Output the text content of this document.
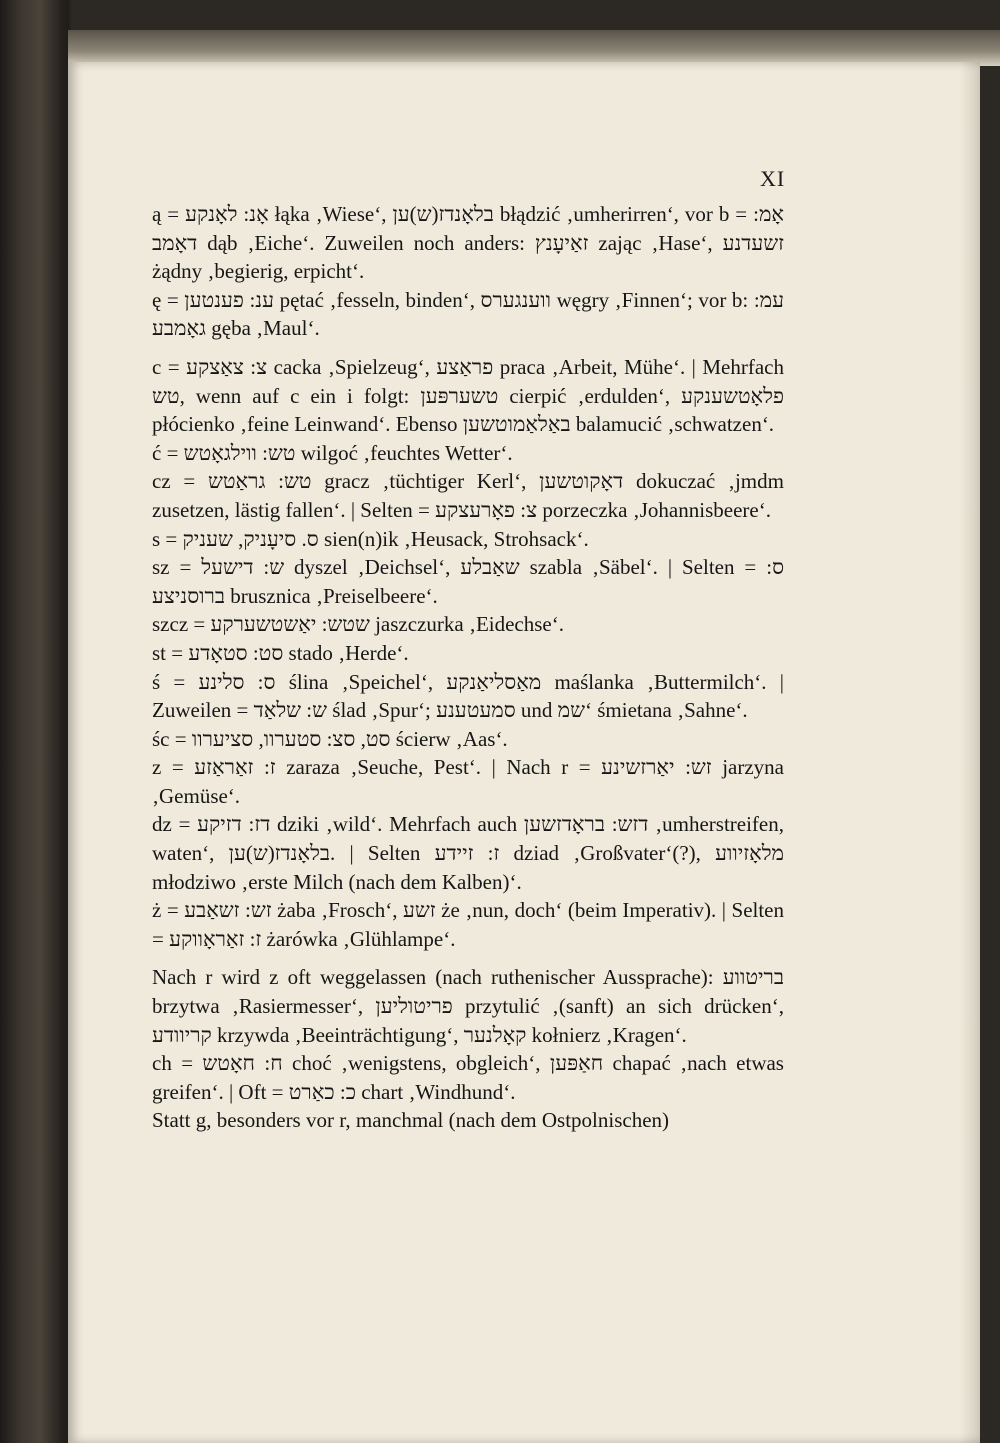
XI

ą = אָנ: לאָנקע łąka ‚Wiese‘, בלאָנדז(ש)ען błądzić ‚umherirren‘, vor b = אָמ: דאָמב dąb ‚Eiche‘. Zuweilen noch anders: זאַיעָנץ zając ‚Hase‘, זשעדנע żądny ‚begierig, erpicht‘.

ę = ענ: פענטען pętać ‚fesseln, binden‘, ווענגערס węgry ‚Finnen‘; vor b: עמ: גאָמבע gęba ‚Maul‘.

c = צ: צאַצקע cacka ‚Spielzeug‘, פראַצע praca ‚Arbeit, Mühe‘. | Mehrfach טש, wenn auf c ein i folgt: טשערפּען cierpić ‚erdulden‘, פלאָטשענקע płócienko ‚feine Leinwand‘. Ebenso באַלאַמוטשען balamucić ‚schwatzen‘.

ć = טש: ווילגאָטש wilgoć ‚feuchtes Wetter‘.

cz = טש: גראַטש gracz ‚tüchtiger Kerl‘, דאָקוטשען dokuczać ‚jmdm zusetzen, lästig fallen‘. | Selten = צ: פאָרעצקע porzeczka ‚Johannisbeere‘.

s = ס. סיעָניק, שעניק sien(n)ik ‚Heusack, Strohsack‘.

sz = ש: דישעל dyszel ‚Deichsel‘, שאַבלע szabla ‚Säbel‘. | Selten = ס: ברוסניצע brusznica ‚Preiselbeere‘.

szcz = שטש: יאַשטשערקע jaszczurka ‚Eidechse‘.

st = סט: סטאָדע stado ‚Herde‘.

ś = ס: סלינע ślina ‚Speichel‘, מאַסליאַנקע maślanka ‚Buttermilch‘. | Zuweilen = ש: שלאַד ślad ‚Spur‘; סמעטענע und שמ‘ śmietana ‚Sahne‘.

śc = סט, סצ: סטערוו, סציערוו ścierw ‚Aas‘.

z = ז: זאַראַזע zaraza ‚Seuche, Pest‘. | Nach r = זש: יאַרזשינע jarzyna ‚Gemüse‘.

dz = דז: דזיקע dziki ‚wild‘. Mehrfach auch דזש: בראָדזשען ‚umherstreifen, waten‘, בלאָנדז(ש)ען. | Selten ז: זיידע dziad ‚Großvater‘(?), מלאָזיווע młodziwo ‚erste Milch (nach dem Kalben)‘.

ż = זש: זשאַבע żaba ‚Frosch‘, זשע że ‚nun, doch‘ (beim Imperativ). | Selten = ז: זאַראָווקע żarówka ‚Glühlampe‘.

Nach r wird z oft weggelassen (nach ruthenischer Aussprache): בריטווע brzytwa ‚Rasiermesser‘, פריטוליען przytulić ‚(sanft) an sich drücken‘, קריוודע krzywda ‚Beeinträchtigung‘, קאָלנער kołnierz ‚Kragen‘.

ch = ח: חאָטש choć ‚wenigstens, obgleich‘, חאַפּען chapać ‚nach etwas greifen‘. | Oft = כ: כאַרט chart ‚Windhund‘.

Statt g, besonders vor r, manchmal (nach dem Ostpolnischen)
